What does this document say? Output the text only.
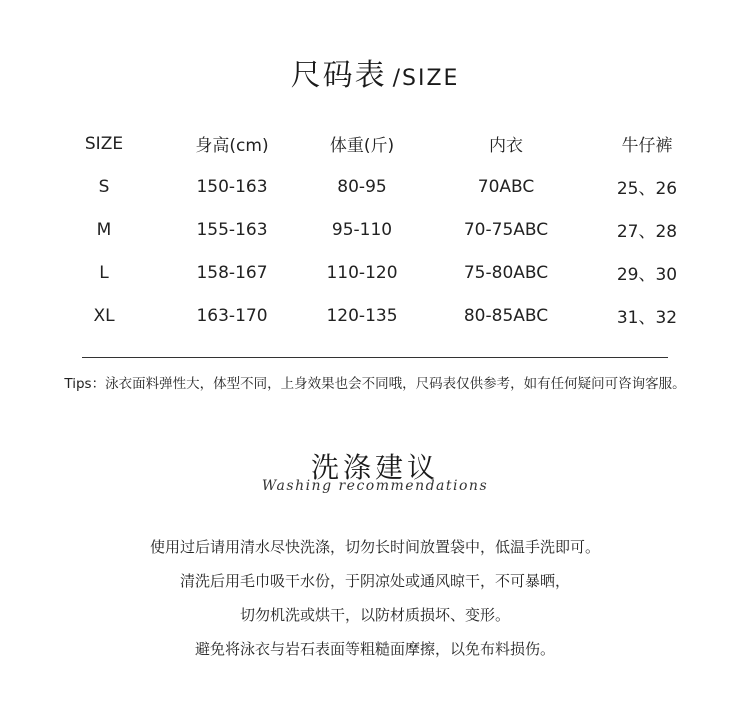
尺码表 /SIZE
SIZE	身高(cm)	体重(斤)	内衣	牛仔裤
S	150-163	80-95	70ABC	25、26
M	155-163	95-110	70-75ABC	27、28
L	158-167	110-120	75-80ABC	29、30
XL	163-170	120-135	80-85ABC	31、32
Tips：泳衣面料弹性大，体型不同，上身效果也会不同哦，尺码表仅供参考，如有任何疑问可咨询客服。
洗涤建议
Washing recommendations
使用过后请用清水尽快洗涤，切勿长时间放置袋中，低温手洗即可。
清洗后用毛巾吸干水份，于阴凉处或通风晾干，不可暴晒，
切勿机洗或烘干，以防材质损坏、变形。
避免将泳衣与岩石表面等粗糙面摩擦，以免布料损伤。
